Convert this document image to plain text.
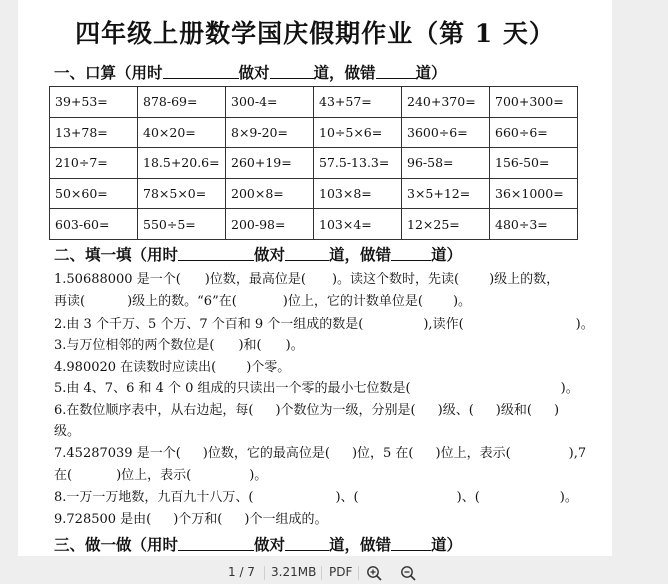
四年级上册数学国庆假期作业（第 1 天）
一、口算（用时	做对	道，做错	道）
39+53=	878-69=	300-4=	43+57=	240+370=	700+300=
13+78=	40×20=	8×9-20=	10÷5×6=	3600÷6=	660÷6=
210÷7=	18.5+20.6=	260+19=	57.5-13.3=	96-58=	156-50=
50×60=	78×5×0=	200×8=	103×8=	3×5+12=	36×1000=
603-60=	550÷5=	200-98=	103×4=	12×25=	480÷3=
二、填一填（用时	做对	道，做错	道）
1.50688000 是一个( )位数，最高位是( )。读这个数时，先读( )级上的数，
再读(	)级上的数。“6”在(	)位上，它的计数单位是( )。
2.由 3 个千万、5 个万、7 个百和 9 个一组成的数是(	),读作(	)。
3.与万位相邻的两个数位是( )和( )。
4.980020 在读数时应读出( )个零。
5.由 4、7、6 和 4 个 0 组成的只读出一个零的最小七位数是(	)。
6.在数位顺序表中，从右边起，每( )个数位为一级，分别是( )级、( )级和( )
级。
7.45287039 是一个( )位数，它的最高位是( )位，5 在( )位上，表示(	),7
在(	)位上，表示(	)。
8.一万一万地数，九百九十八万、(	)、(	)、(	)。
9.728500 是由( )个万和( )个一组成的。
三、做一做（用时	做对	道，做错	道）
1 / 7 3.21MB PDF
